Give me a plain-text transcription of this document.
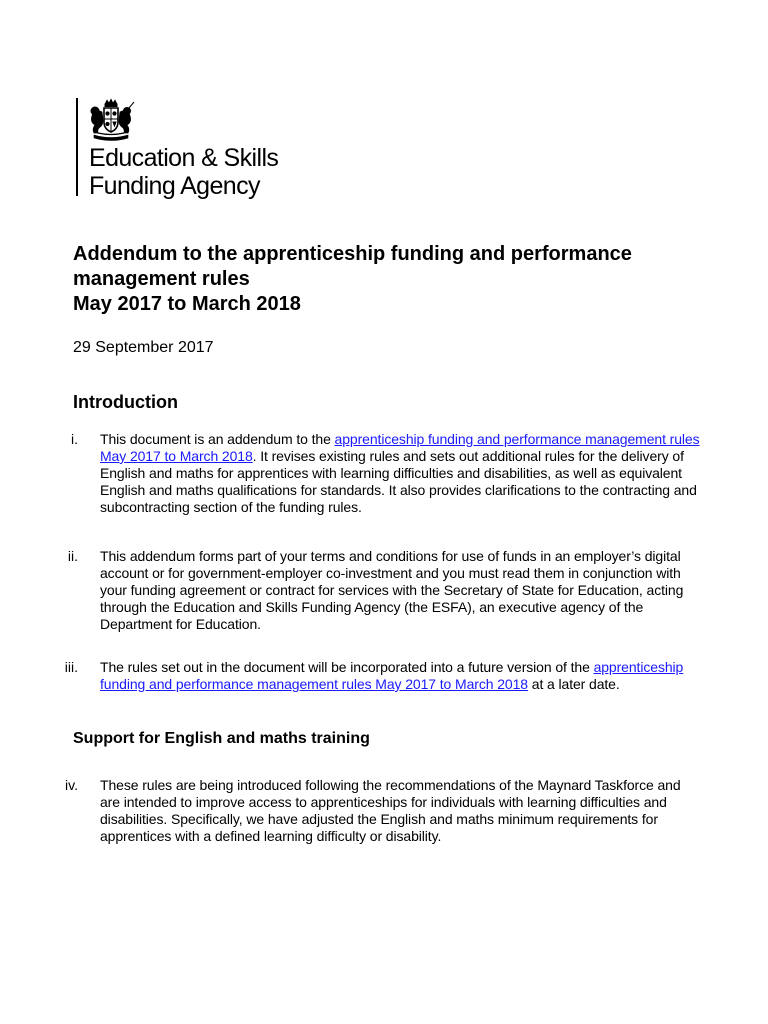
Education & Skills
Funding Agency
Addendum to the apprenticeship funding and performance management rules
May 2017 to March 2018
29 September 2017
Introduction
i. This document is an addendum to the apprenticeship funding and performance management rules May 2017 to March 2018. It revises existing rules and sets out additional rules for the delivery of English and maths for apprentices with learning difficulties and disabilities, as well as equivalent English and maths qualifications for standards. It also provides clarifications to the contracting and subcontracting section of the funding rules.
ii. This addendum forms part of your terms and conditions for use of funds in an employer’s digital account or for government-employer co-investment and you must read them in conjunction with your funding agreement or contract for services with the Secretary of State for Education, acting through the Education and Skills Funding Agency (the ESFA), an executive agency of the Department for Education.
iii. The rules set out in the document will be incorporated into a future version of the apprenticeship funding and performance management rules May 2017 to March 2018 at a later date.
Support for English and maths training
iv. These rules are being introduced following the recommendations of the Maynard Taskforce and are intended to improve access to apprenticeships for individuals with learning difficulties and disabilities. Specifically, we have adjusted the English and maths minimum requirements for apprentices with a defined learning difficulty or disability.
